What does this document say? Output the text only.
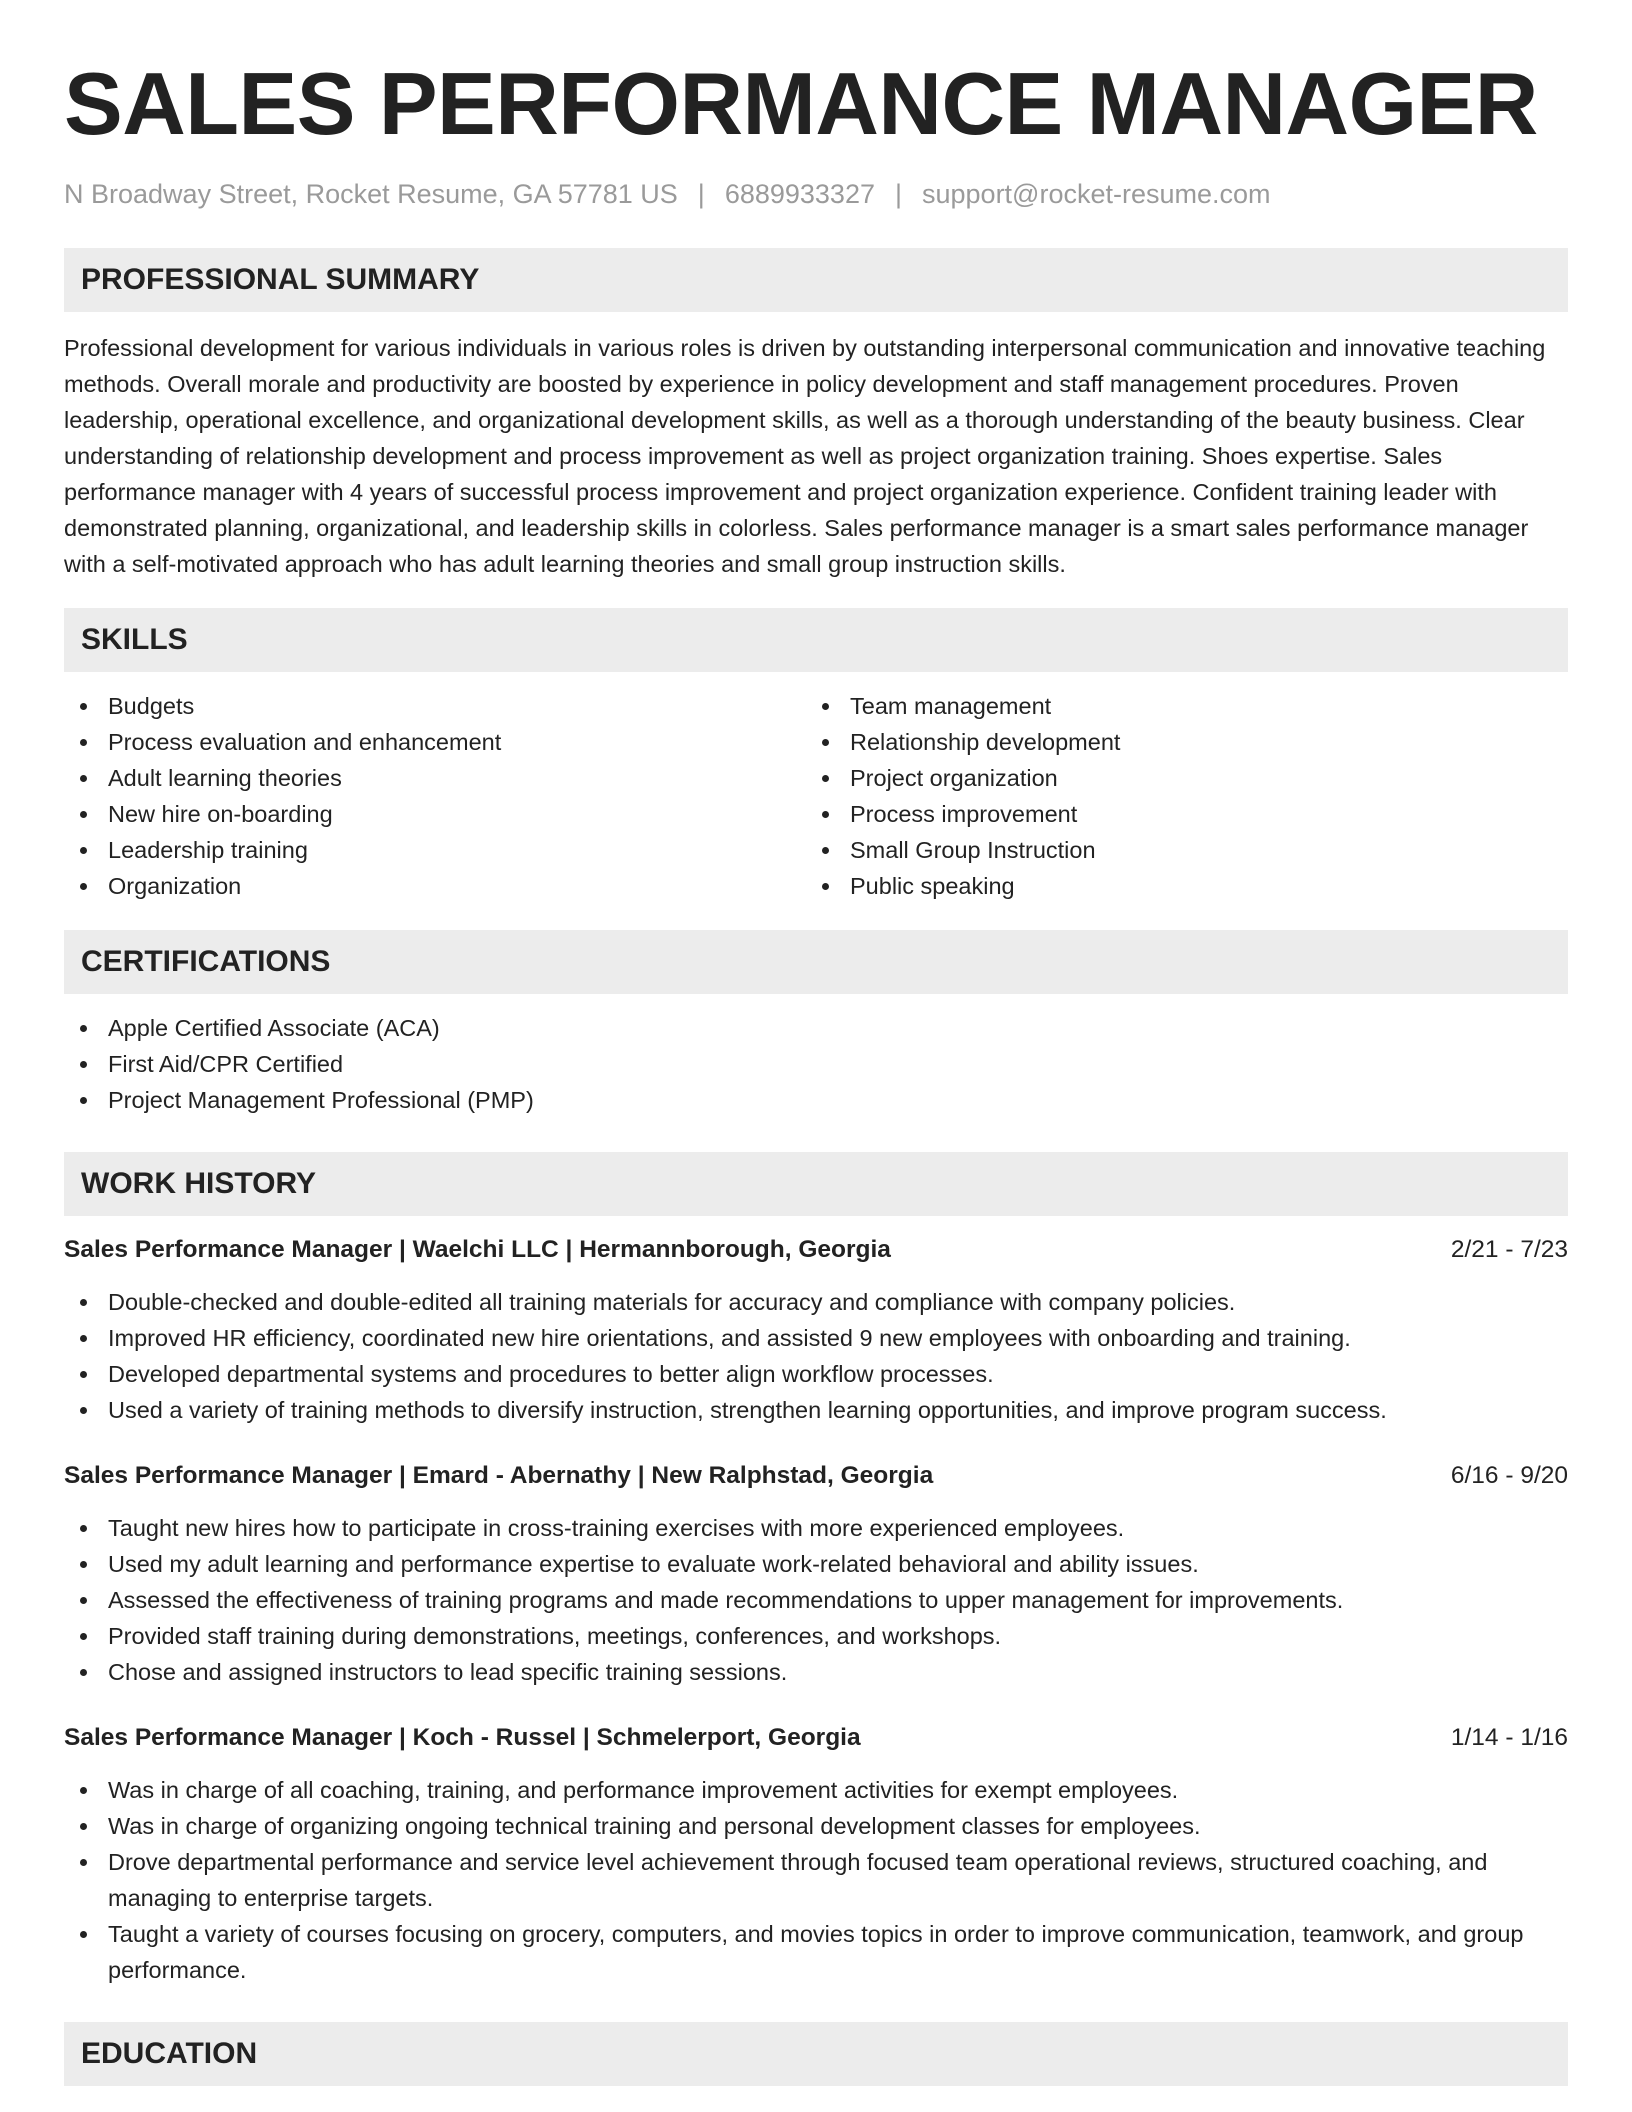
SALES PERFORMANCE MANAGER
N Broadway Street, Rocket Resume, GA 57781 US | 6889933327 | support@rocket-resume.com
PROFESSIONAL SUMMARY

Professional development for various individuals in various roles is driven by outstanding interpersonal communication and innovative teaching methods. Overall morale and productivity are boosted by experience in policy development and staff management procedures. Proven leadership, operational excellence, and organizational development skills, as well as a thorough understanding of the beauty business. Clear understanding of relationship development and process improvement as well as project organization training. Shoes expertise. Sales performance manager with 4 years of successful process improvement and project organization experience. Confident training leader with demonstrated planning, organizational, and leadership skills in colorless. Sales performance manager is a smart sales performance manager with a self-motivated approach who has adult learning theories and small group instruction skills.

SKILLS
Budgets
Process evaluation and enhancement
Adult learning theories
New hire on-boarding
Leadership training
Organization
Team management
Relationship development
Project organization
Process improvement
Small Group Instruction
Public speaking
CERTIFICATIONS
Apple Certified Associate (ACA)
First Aid/CPR Certified
Project Management Professional (PMP)
WORK HISTORY
Sales Performance Manager | Waelchi LLC | Hermannborough, Georgia	2/21 - 7/23
Double-checked and double-edited all training materials for accuracy and compliance with company policies.
Improved HR efficiency, coordinated new hire orientations, and assisted 9 new employees with onboarding and training.
Developed departmental systems and procedures to better align workflow processes.
Used a variety of training methods to diversify instruction, strengthen learning opportunities, and improve program success.
Sales Performance Manager | Emard - Abernathy | New Ralphstad, Georgia	6/16 - 9/20
Taught new hires how to participate in cross-training exercises with more experienced employees.
Used my adult learning and performance expertise to evaluate work-related behavioral and ability issues.
Assessed the effectiveness of training programs and made recommendations to upper management for improvements.
Provided staff training during demonstrations, meetings, conferences, and workshops.
Chose and assigned instructors to lead specific training sessions.
Sales Performance Manager | Koch - Russel | Schmelerport, Georgia	1/14 - 1/16
Was in charge of all coaching, training, and performance improvement activities for exempt employees.
Was in charge of organizing ongoing technical training and personal development classes for employees.
Drove departmental performance and service level achievement through focused team operational reviews, structured coaching, and managing to enterprise targets.
Taught a variety of courses focusing on grocery, computers, and movies topics in order to improve communication, teamwork, and group performance.
EDUCATION
